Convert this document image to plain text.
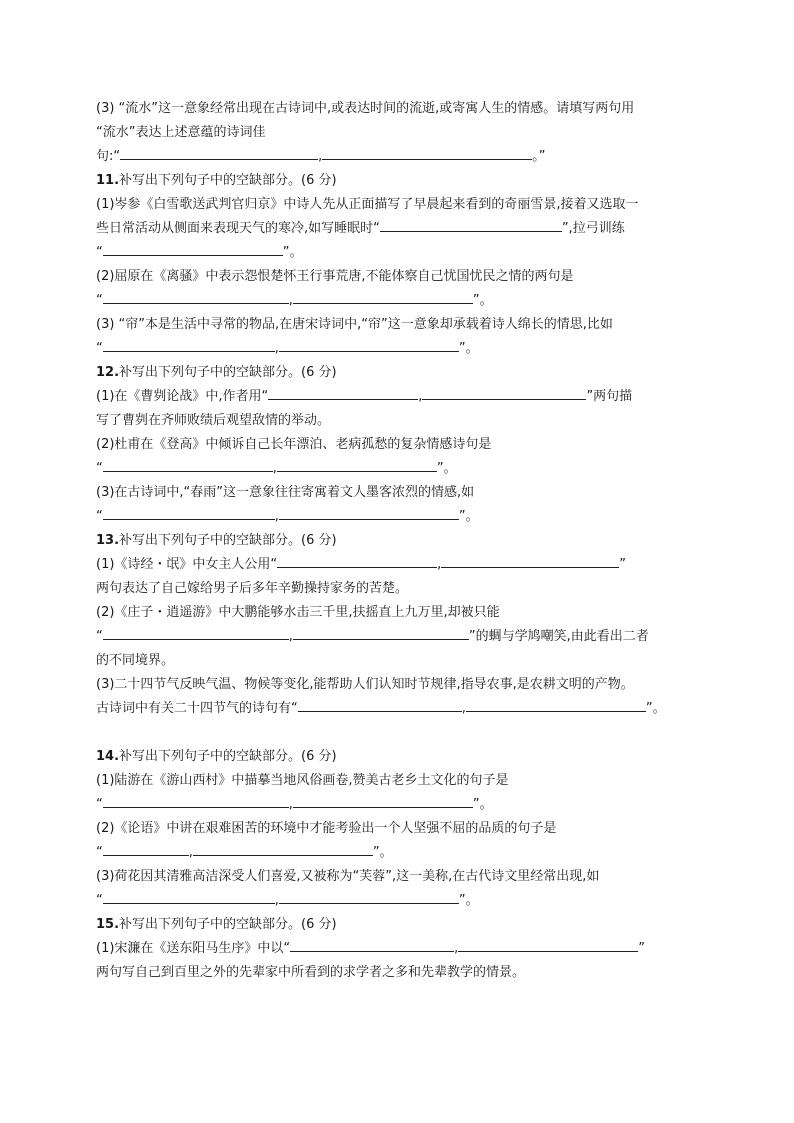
(3) “流水”这一意象经常出现在古诗词中,或表达时间的流逝,或寄寓人生的情感。请填写两句用
“流水”表达上述意蕴的诗词佳
句:“	,	。”
11.补写出下列句子中的空缺部分。(6 分)
(1)岑参《白雪歌送武判官归京》中诗人先从正面描写了早晨起来看到的奇丽雪景,接着又选取一
些日常活动从侧面来表现天气的寒冷,如写睡眠时“	”,拉弓训练
“	”。
(2)屈原在《离骚》中表示怨恨楚怀王行事荒唐,不能体察自己忧国忧民之情的两句是
“	,	”。
(3) “帘”本是生活中寻常的物品,在唐宋诗词中,“帘”这一意象却承载着诗人绵长的情思,比如
“	,	”。
12.补写出下列句子中的空缺部分。(6 分)
(1)在《曹刿论战》中,作者用“	,	”两句描
写了曹刿在齐师败绩后观望敌情的举动。
(2)杜甫在《登高》中倾诉自己长年漂泊、老病孤愁的复杂情感诗句是
“	,	”。
(3)在古诗词中,“春雨”这一意象往往寄寓着文人墨客浓烈的情感,如
“	,	”。
13.补写出下列句子中的空缺部分。(6 分)
(1)《诗经・氓》中女主人公用“	,	”
两句表达了自己嫁给男子后多年辛勤操持家务的苦楚。
(2)《庄子・逍遥游》中大鹏能够水击三千里,扶摇直上九万里,却被只能
“	,	”的蜩与学鸠嘲笑,由此看出二者
的不同境界。
(3)二十四节气反映气温、物候等变化,能帮助人们认知时节规律,指导农事,是农耕文明的产物。
古诗词中有关二十四节气的诗句有“	,	”。
14.补写出下列句子中的空缺部分。(6 分)
(1)陆游在《游山西村》中描摹当地风俗画卷,赞美古老乡土文化的句子是
“	,	”。
(2)《论语》中讲在艰难困苦的环境中才能考验出一个人坚强不屈的品质的句子是
“	,	”。
(3)荷花因其清雅高洁深受人们喜爱,又被称为“芙蓉”,这一美称,在古代诗文里经常出现,如
“	,	”。
15.补写出下列句子中的空缺部分。(6 分)
(1)宋濂在《送东阳马生序》中以“	,	”
两句写自己到百里之外的先辈家中所看到的求学者之多和先辈教学的情景。
